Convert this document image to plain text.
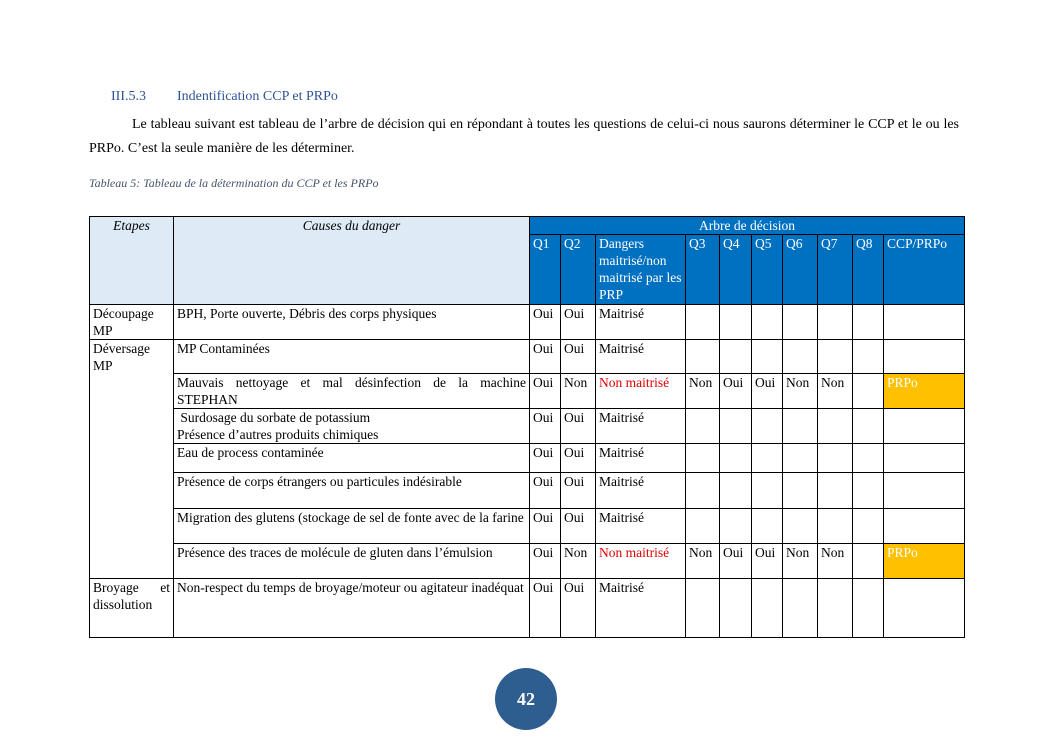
III.5.3 Indentification CCP et PRPo
Le tableau suivant est tableau de l’arbre de décision qui en répondant à toutes les questions de celui-ci nous saurons déterminer le CCP et le ou les PRPo. C’est la seule manière de les déterminer.
Tableau 5: Tableau de la détermination du CCP et les PRPo
Etapes	Causes du danger	Arbre de décision									
		Q1	Q2	Dangers maitrisé/non maitrisé par les PRP	Q3	Q4	Q5	Q6	Q7	Q8	CCP/PRPo
Découpage MP	BPH, Porte ouverte, Débris des corps physiques	Oui	Oui	Maitrisé							
Déversage MP	MP Contaminées	Oui	Oui	Maitrisé							
	Mauvais nettoyage et mal désinfection de la machine STEPHAN	Oui	Non	Non maitrisé	Non	Oui	Oui	Non	Non		PRPo
	Surdosage du sorbate de potassium
Présence d’autres produits chimiques	Oui	Oui	Maitrisé							
	Eau de process contaminée	Oui	Oui	Maitrisé							
	Présence de corps étrangers ou particules indésirable	Oui	Oui	Maitrisé							
	Migration des glutens (stockage de sel de fonte avec de la farine	Oui	Oui	Maitrisé							
	Présence des traces de molécule de gluten dans l’émulsion	Oui	Non	Non maitrisé	Non	Oui	Oui	Non	Non		PRPo
Broyage et dissolution	Non-respect du temps de broyage/moteur ou agitateur inadéquat	Oui	Oui	Maitrisé							
42
